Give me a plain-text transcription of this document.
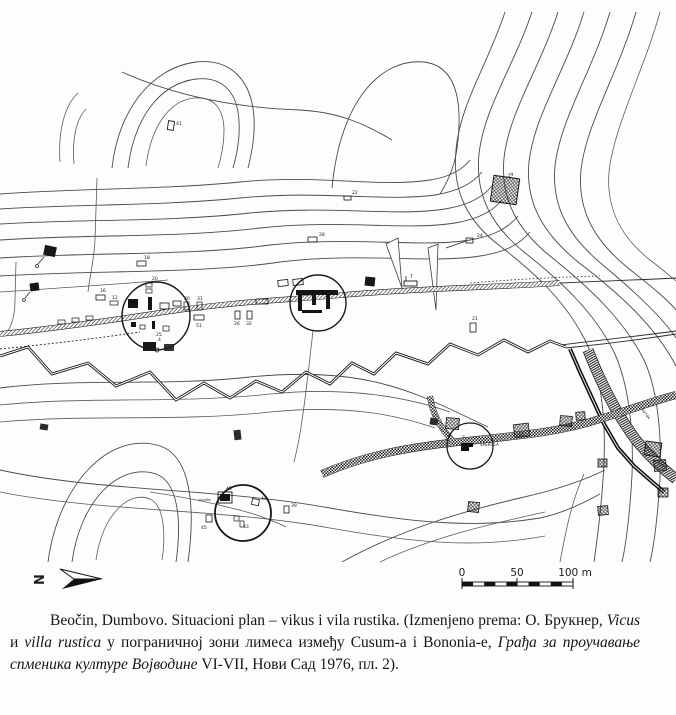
41
22
29
24
28
18
20
16
12	30 31
25
51	26 32
21
T
4
40
44
45	43
39
7
SPEKULA
поток
колиба
N
0	50	100 m

Beočin, Dumbovo. Situacioni plan – vikus i vila rustika. (Izmenjeno prema: O. Брукнер, Vicus и villa rustica у пограничној зони лимеса између Cusum-a i Bononia-e, Грађа за проучавање спменика културе Војводине VI-VII, Нови Сад 1976, пл. 2).
